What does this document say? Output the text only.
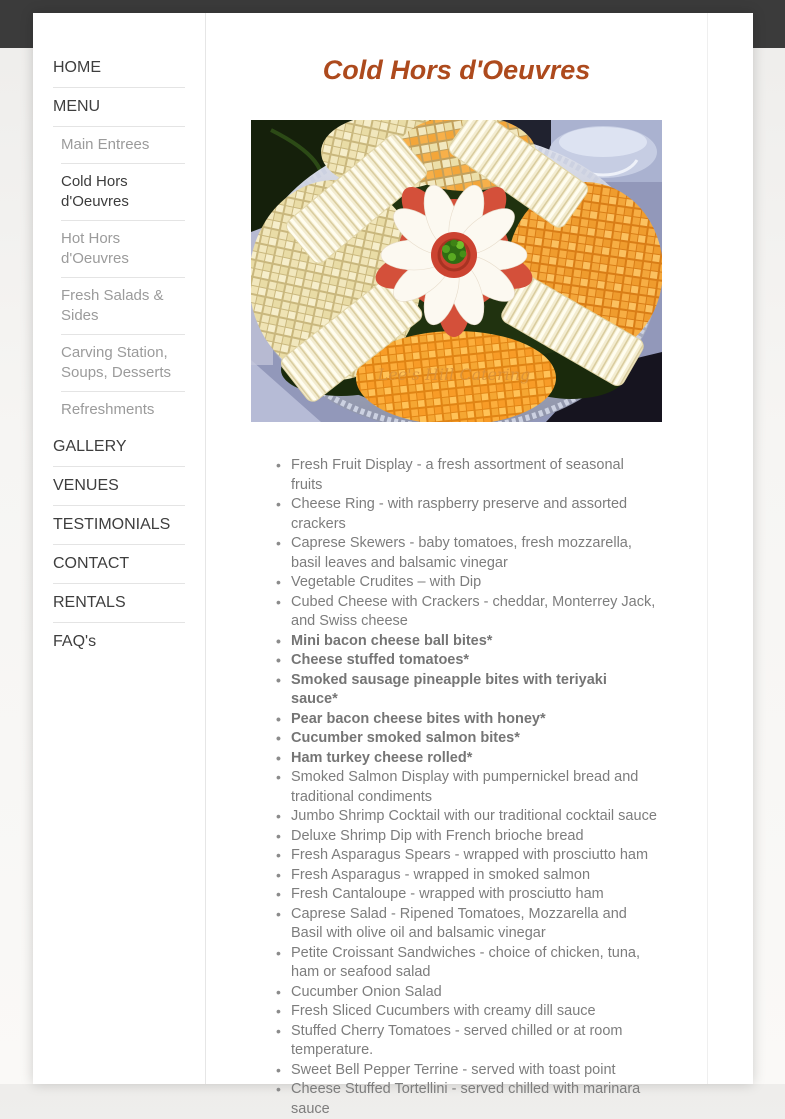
HOME
MENU
Main Entrees
Cold Hors d'Oeuvres
Hot Hors d'Oeuvres
Fresh Salads & Sides
Carving Station, Soups, Desserts
Refreshments
GALLERY
VENUES
TESTIMONIALS
CONTACT
RENTALS
FAQ's
Cold Hors d'Oeuvres
Lee's Hill Catering
• Fresh Fruit Display - a fresh assortment of seasonal fruits
• Cheese Ring - with raspberry preserve and assorted crackers
• Caprese Skewers - baby tomatoes, fresh mozzarella, basil leaves and balsamic vinegar
• Vegetable Crudites – with Dip
• Cubed Cheese with Crackers - cheddar, Monterrey Jack, and Swiss cheese
• Mini bacon cheese ball bites*
• Cheese stuffed tomatoes*
• Smoked sausage pineapple bites with teriyaki sauce*
• Pear bacon cheese bites with honey*
• Cucumber smoked salmon bites*
• Ham turkey cheese rolled*
• Smoked Salmon Display with pumpernickel bread and traditional condiments
• Jumbo Shrimp Cocktail with our traditional cocktail sauce
• Deluxe Shrimp Dip with French brioche bread
• Fresh Asparagus Spears - wrapped with prosciutto ham
• Fresh Asparagus - wrapped in smoked salmon
• Fresh Cantaloupe - wrapped with prosciutto ham
• Caprese Salad - Ripened Tomatoes, Mozzarella and Basil with olive oil and balsamic vinegar
• Petite Croissant Sandwiches - choice of chicken, tuna, ham or seafood salad
• Cucumber Onion Salad
• Fresh Sliced Cucumbers with creamy dill sauce
• Stuffed Cherry Tomatoes - served chilled or at room temperature.
• Sweet Bell Pepper Terrine - served with toast point
• Cheese Stuffed Tortellini - served chilled with marinara sauce
